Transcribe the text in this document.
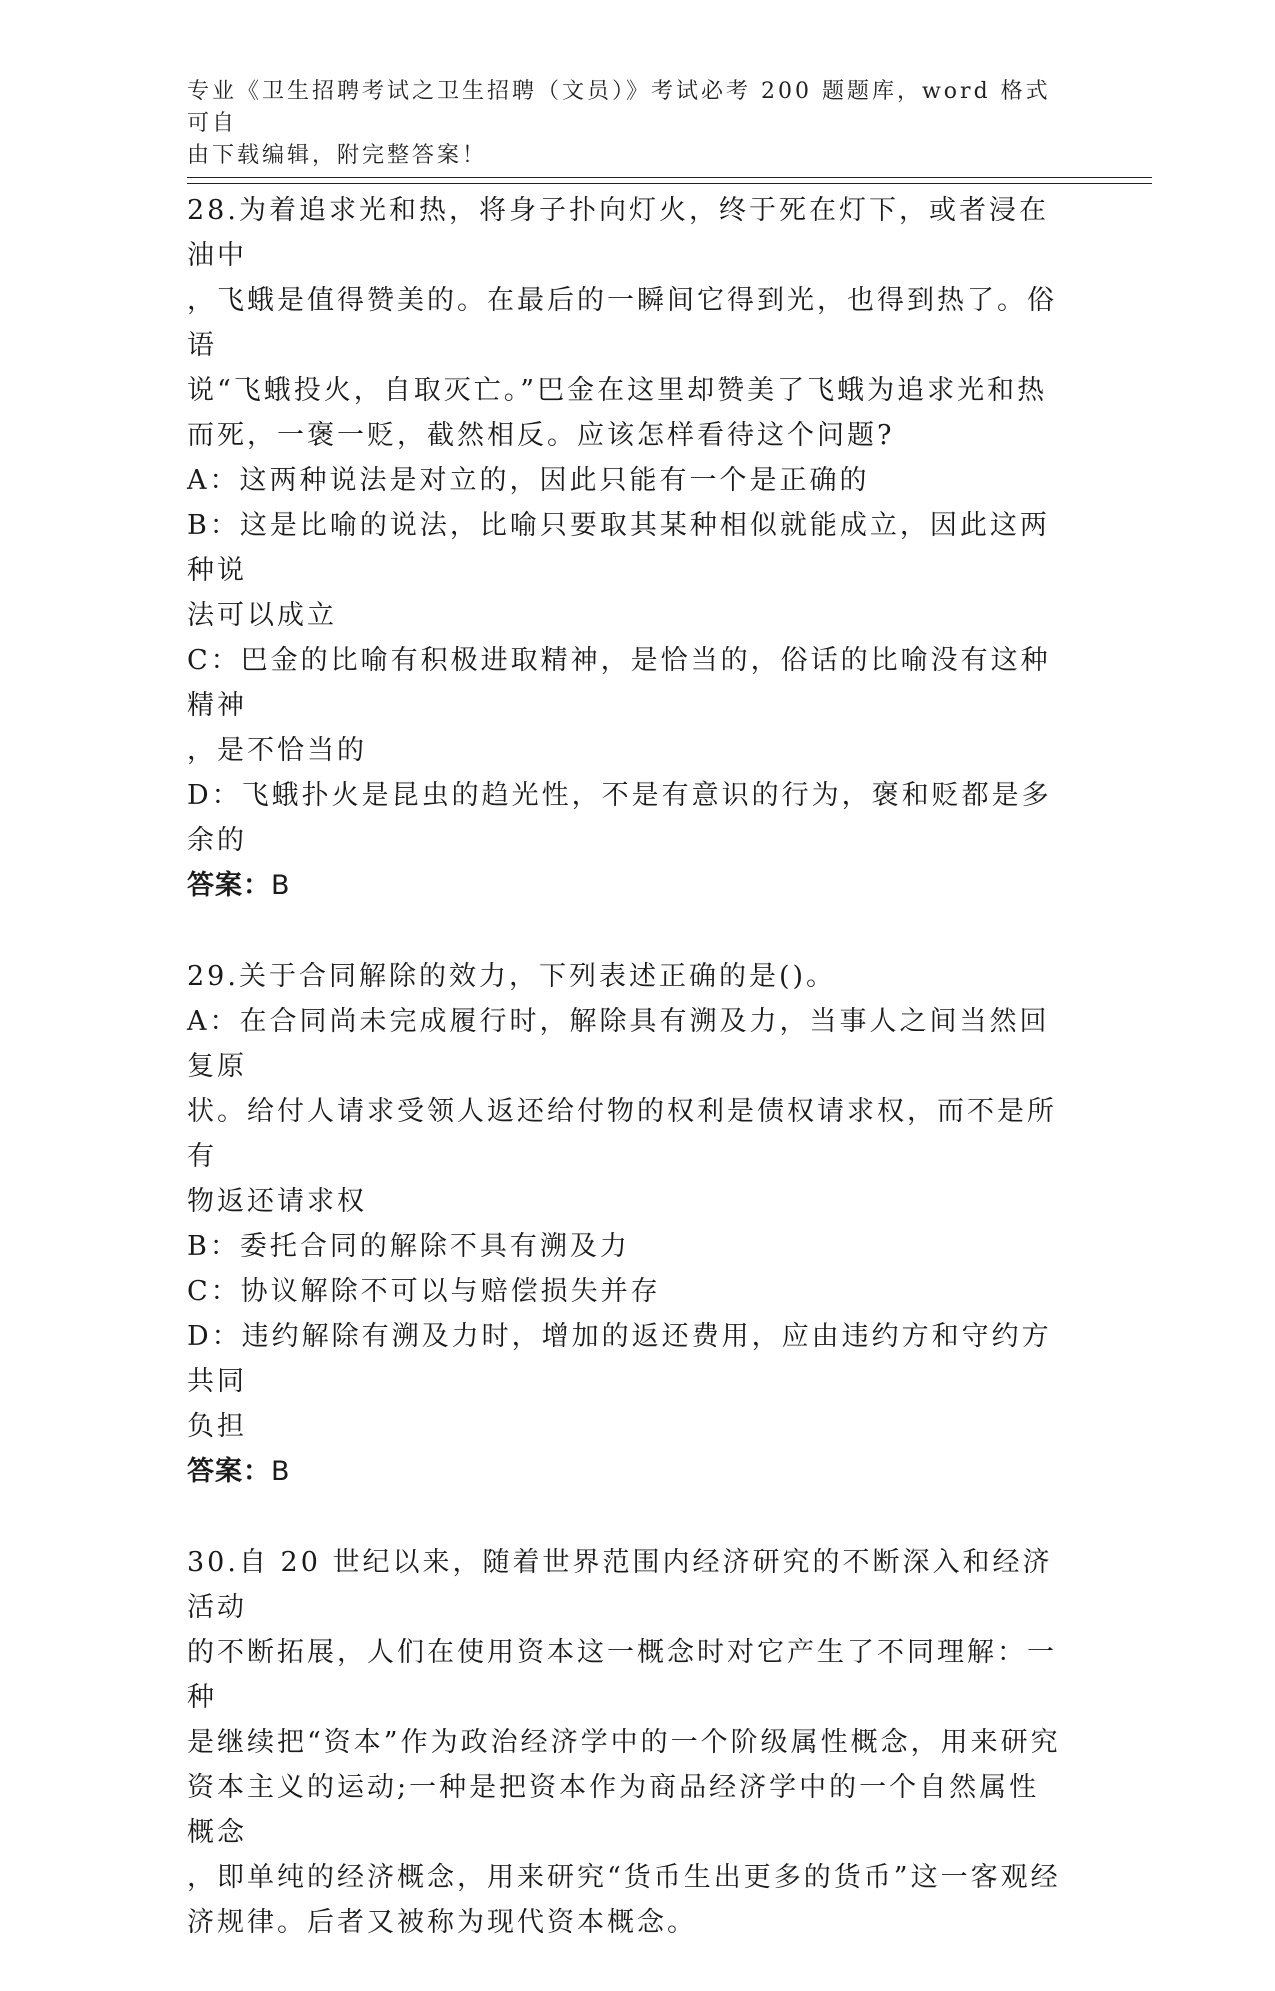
专业《卫生招聘考试之卫生招聘（文员）》考试必考 200 题题库，word 格式可自
由下载编辑，附完整答案！
28.为着追求光和热，将身子扑向灯火，终于死在灯下，或者浸在油中
，飞蛾是值得赞美的。在最后的一瞬间它得到光，也得到热了。俗语
说“飞蛾投火，自取灭亡。”巴金在这里却赞美了飞蛾为追求光和热
而死，一褒一贬，截然相反。应该怎样看待这个问题?
A：这两种说法是对立的，因此只能有一个是正确的
B：这是比喻的说法，比喻只要取其某种相似就能成立，因此这两种说
法可以成立
C：巴金的比喻有积极进取精神，是恰当的，俗话的比喻没有这种精神
，是不恰当的
D：飞蛾扑火是昆虫的趋光性，不是有意识的行为，褒和贬都是多余的
答案：B
29.关于合同解除的效力，下列表述正确的是()。
A：在合同尚未完成履行时，解除具有溯及力，当事人之间当然回复原
状。给付人请求受领人返还给付物的权利是债权请求权，而不是所有
物返还请求权
B：委托合同的解除不具有溯及力
C：协议解除不可以与赔偿损失并存
D：违约解除有溯及力时，增加的返还费用，应由违约方和守约方共同
负担
答案：B
30.自 20 世纪以来，随着世界范围内经济研究的不断深入和经济活动
的不断拓展，人们在使用资本这一概念时对它产生了不同理解：一种
是继续把“资本”作为政治经济学中的一个阶级属性概念，用来研究
资本主义的运动;一种是把资本作为商品经济学中的一个自然属性概念
，即单纯的经济概念，用来研究“货币生出更多的货币”这一客观经
济规律。后者又被称为现代资本概念。
